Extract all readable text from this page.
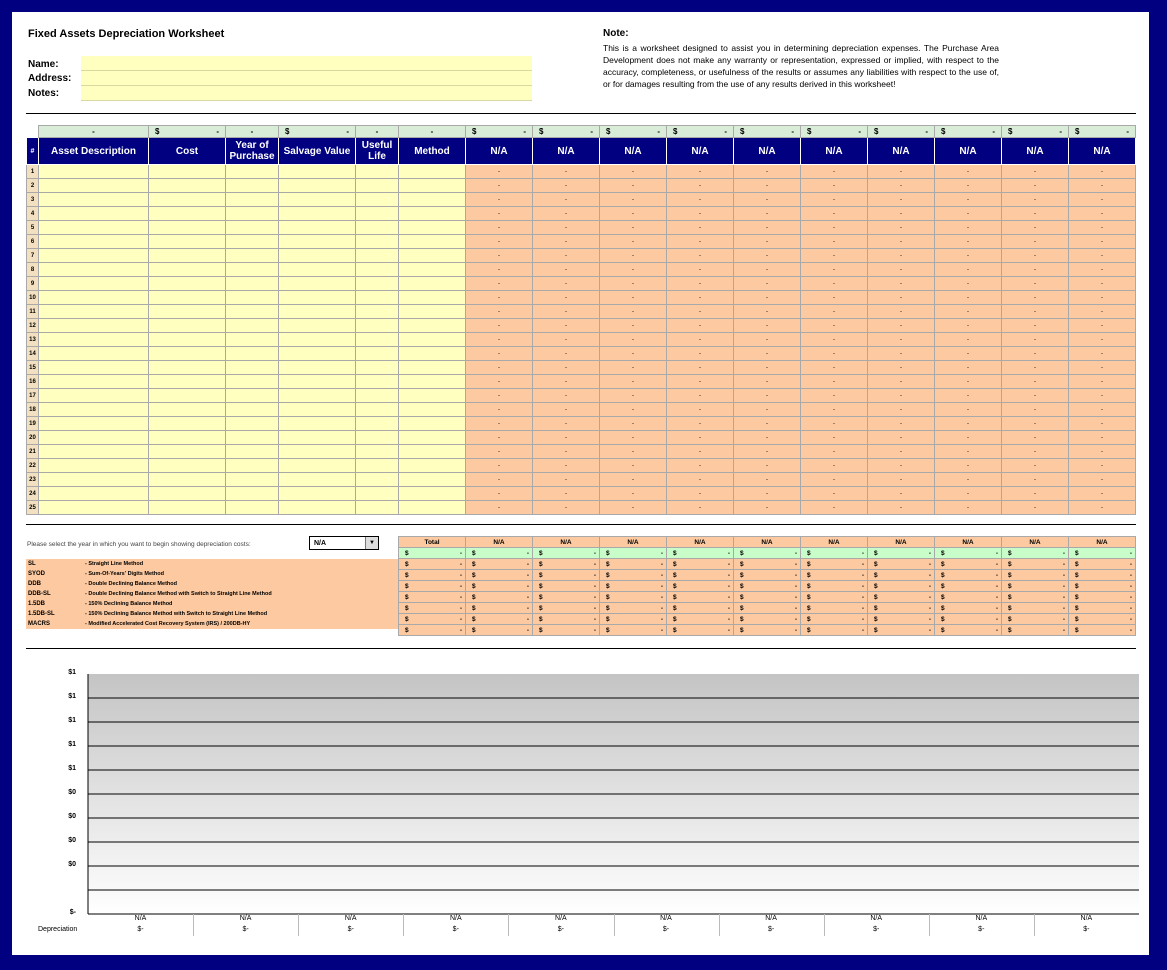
Fixed Assets Depreciation Worksheet
Name:
Address:
Notes:
Note:
This is a worksheet designed to assist you in determining depreciation expenses. The Purchase Area Development does not make any warranty or representation, expressed or implied, with respect to the accuracy, completeness, or usefulness of the results or assumes any liabilities with respect to the use of, or for damages resulting from the use of any results derived in this worksheet!
	-	$ -	-	$ -	-	-	$ -	$ -	$ -	$ -	$ -	$ -	$ -	$ -	$ -	$ -

#	Asset Description	Cost	Year of Purchase	Salvage Value	Useful Life	Method	N/A	N/A	N/A	N/A	N/A	N/A	N/A	N/A	N/A	N/A
1							-	-	-	-	-	-	-	-	-	-
2							-	-	-	-	-	-	-	-	-	-
3							-	-	-	-	-	-	-	-	-	-
4							-	-	-	-	-	-	-	-	-	-
5							-	-	-	-	-	-	-	-	-	-
6							-	-	-	-	-	-	-	-	-	-
7							-	-	-	-	-	-	-	-	-	-
8							-	-	-	-	-	-	-	-	-	-
9							-	-	-	-	-	-	-	-	-	-
10							-	-	-	-	-	-	-	-	-	-
11							-	-	-	-	-	-	-	-	-	-
12							-	-	-	-	-	-	-	-	-	-
13							-	-	-	-	-	-	-	-	-	-
14							-	-	-	-	-	-	-	-	-	-
15							-	-	-	-	-	-	-	-	-	-
16							-	-	-	-	-	-	-	-	-	-
17							-	-	-	-	-	-	-	-	-	-
18							-	-	-	-	-	-	-	-	-	-
19							-	-	-	-	-	-	-	-	-	-
20							-	-	-	-	-	-	-	-	-	-
21							-	-	-	-	-	-	-	-	-	-
22							-	-	-	-	-	-	-	-	-	-
23							-	-	-	-	-	-	-	-	-	-
24							-	-	-	-	-	-	-	-	-	-
25							-	-	-	-	-	-	-	-	-	-
Please select the year in which you want to begin showing depreciation costs:	N/A	▼
SL	- Straight Line Method
SYOD	- Sum-Of-Years' Digits Method
DDB	- Double Declining Balance Method
DDB-SL	- Double Declining Balance Method with Switch to Straight Line Method
1.5DB	- 150% Declining Balance Method
1.5DB-SL	- 150% Declining Balance Method with Switch to Straight Line Method
MACRS	- Modified Accelerated Cost Recovery System (IRS) / 200DB-HY
Total	N/A	N/A	N/A	N/A	N/A	N/A	N/A	N/A	N/A	N/A

$ -	$ -	$ -	$ -	$ -	$ -	$ -	$ -	$ -	$ -	$ -

$ -	$ -	$ -	$ -	$ -	$ -	$ -	$ -	$ -	$ -	$ -

$ -	$ -	$ -	$ -	$ -	$ -	$ -	$ -	$ -	$ -	$ -

$ -	$ -	$ -	$ -	$ -	$ -	$ -	$ -	$ -	$ -	$ -

$ -	$ -	$ -	$ -	$ -	$ -	$ -	$ -	$ -	$ -	$ -

$ -	$ -	$ -	$ -	$ -	$ -	$ -	$ -	$ -	$ -	$ -

$ -	$ -	$ -	$ -	$ -	$ -	$ -	$ -	$ -	$ -	$ -

$ -	$ -	$ -	$ -	$ -	$ -	$ -	$ -	$ -	$ -	$ -
$1
$1
$1
$1
$1
$0
$0
$0
$0
$-
Depreciation
N/A
$-
N/A
$-
N/A
$-
N/A
$-
N/A
$-
N/A
$-
N/A
$-
N/A
$-
N/A
$-
N/A
$-
